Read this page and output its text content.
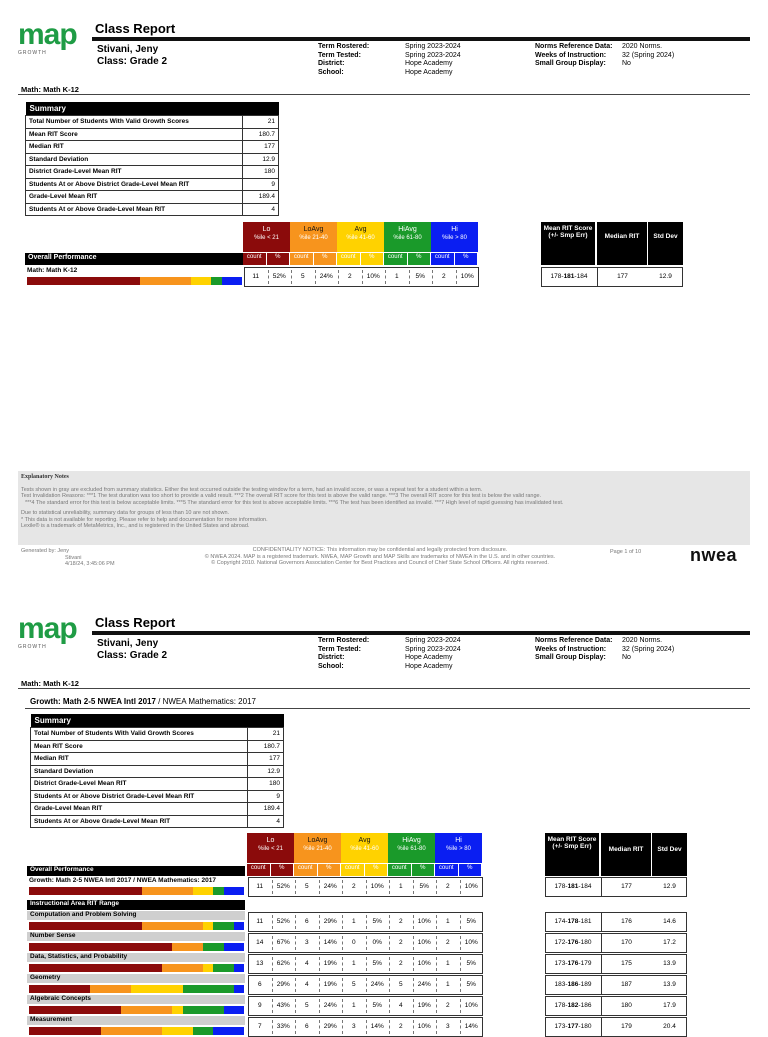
map
GROWTH
Class Report
Stivani, Jeny
Class: Grade 2
Term Rostered:
Term Tested:
District:
School:
Spring 2023-2024
Spring 2023-2024
Hope Academy
Hope Academy
Norms Reference Data:
Weeks of Instruction:
Small Group Display:
2020 Norms.
32 (Spring 2024)
No
Math: Math K-12
Summary	
Total Number of Students With Valid Growth Scores	21
Mean RIT Score	180.7
Median RIT	177
Standard Deviation	12.9
District Grade-Level Mean RIT	180
Students At or Above District Grade-Level Mean RIT	9
Grade-Level Mean RIT	189.4
Students At or Above Grade-Level Mean RIT	4
Lo
%ile < 21
count	%
LoAvg
%ile 21-40
count	%
Avg
%ile 41-60
count	%
HiAvg
%ile 61-80
count	%
Hi
%ile > 80
count	%
Mean RIT Score (+/- Smp Err)	Median RIT	Std Dev
Overall Performance
Math: Math K-12
11	52%	5	24%	2	10%	1	5%	2	10%	178-181-184	177	12.9
Explanatory Notes
Tests shown in gray are excluded from summary statistics. Either the test occurred outside the testing window for a term, had an invalid score, or was a repeat test for a student within a term.
Test Invalidation Reasons: ***1 The test duration was too short to provide a valid result. ***2 The overall RIT score for this test is above the valid range. ***3 The overall RIT score for this test is below the valid range.
***4 The standard error for this test is below acceptable limits. ***5 The standard error for this test is above acceptable limits. ***6 The test has been identified as invalid. ***7 High level of rapid guessing has invalidated test.
Due to statistical unreliability, summary data for groups of less than 10 are not shown.
* This data is not available for reporting. Please refer to help and documentation for more information.
Lexile® is a trademark of MetaMetrics, Inc., and is registered in the United States and abroad.
Generated by: Jeny
Stivani
4/18/24, 3:45:06 PM
CONFIDENTIALITY NOTICE: This information may be confidential and legally protected from disclosure.
© NWEA 2024. MAP is a registered trademark. NWEA, MAP Growth and MAP Skills are trademarks of NWEA in the U.S. and in other countries.
© Copyright 2010. National Governors Association Center for Best Practices and Council of Chief State School Officers. All rights reserved.
Page 1 of 10	nwea
map
GROWTH
Class Report
Stivani, Jeny
Class: Grade 2
Term Rostered:
Term Tested:
District:
School:
Spring 2023-2024
Spring 2023-2024
Hope Academy
Hope Academy
Norms Reference Data:
Weeks of Instruction:
Small Group Display:
2020 Norms.
32 (Spring 2024)
No
Math: Math K-12
Growth: Math 2-5 NWEA Intl 2017 / NWEA Mathematics: 2017
Summary	
Total Number of Students With Valid Growth Scores	21
Mean RIT Score	180.7
Median RIT	177
Standard Deviation	12.9
District Grade-Level Mean RIT	180
Students At or Above District Grade-Level Mean RIT	9
Grade-Level Mean RIT	189.4
Students At or Above Grade-Level Mean RIT	4
Lo
%ile < 21
count	%
LoAvg
%ile 21-40
count	%
Avg
%ile 41-60
count	%
HiAvg
%ile 61-80
count	%
Hi
%ile > 80
count	%
Mean RIT Score (+/- Smp Err)	Median RIT	Std Dev
Overall Performance
Growth: Math 2-5 NWEA Intl 2017 / NWEA Mathematics: 2017
Instructional Area RIT Range
11	52%	5	24%	2	10%	1	5%	2	10%	178-181-184	177	12.9
Computation and Problem Solving
11	52%	6	29%	1	5%	2	10%	1	5%	174-178-181	176	14.6
Number Sense
14	67%	3	14%	0	0%	2	10%	2	10%	172-176-180	170	17.2
Data, Statistics, and Probability
13	62%	4	19%	1	5%	2	10%	1	5%	173-176-179	175	13.9
Geometry
6	29%	4	19%	5	24%	5	24%	1	5%	183-186-189	187	13.9
Algebraic Concepts
9	43%	5	24%	1	5%	4	19%	2	10%	178-182-186	180	17.9
Measurement
7	33%	6	29%	3	14%	2	10%	3	14%	173-177-180	179	20.4
